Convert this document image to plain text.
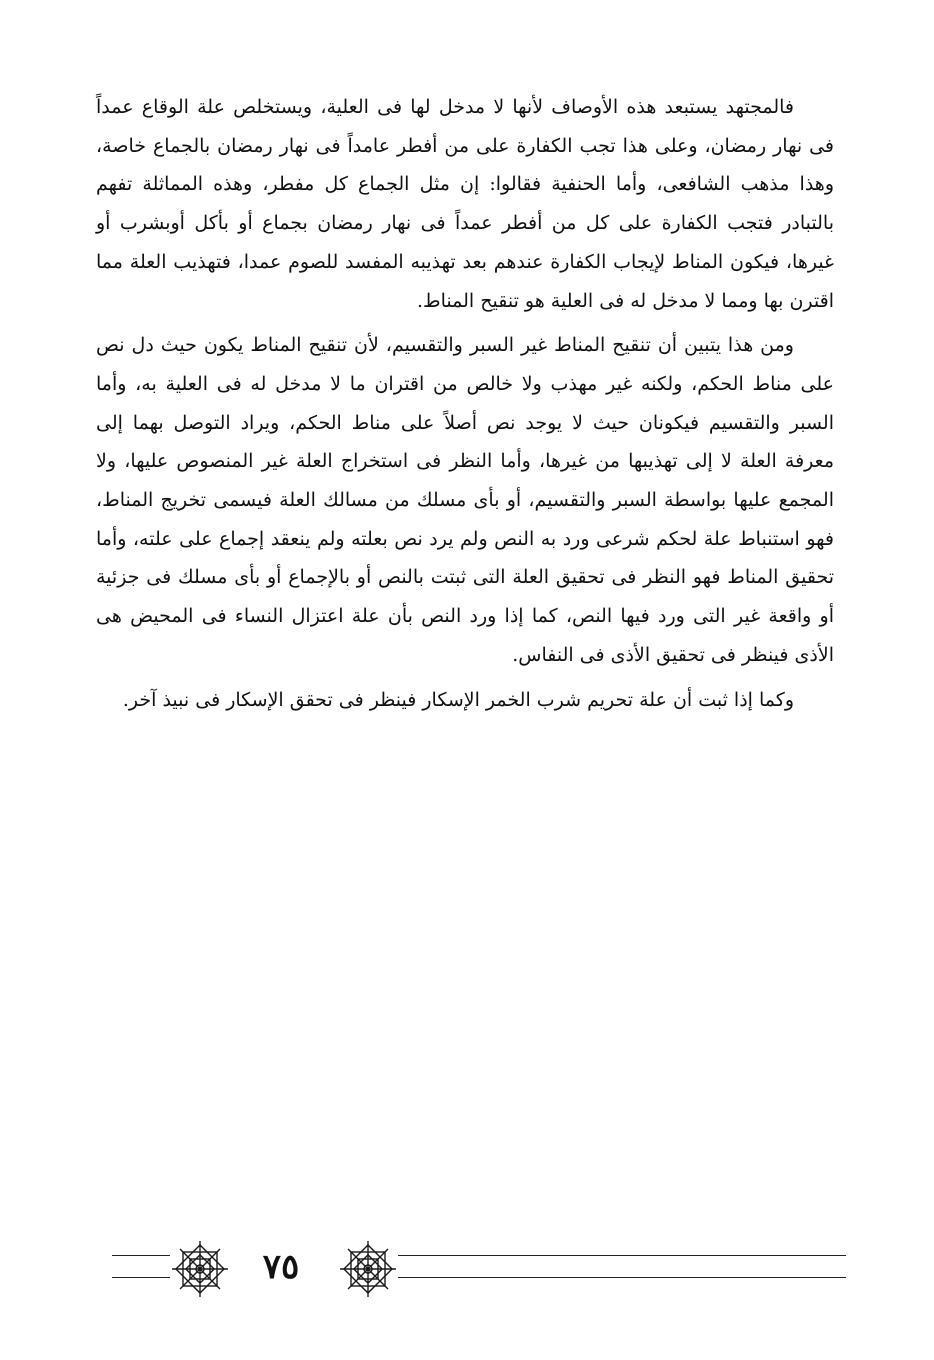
فالمجتهد يستبعد هذه الأوصاف لأنها لا مدخل لها فى العلية، ويستخلص علة الوقاع عمداً فى نهار رمضان، وعلى هذا تجب الكفارة على من أفطر عامداً فى نهار رمضان بالجماع خاصة، وهذا مذهب الشافعى، وأما الحنفية فقالوا: إن مثل الجماع كل مفطر، وهذه المماثلة تفهم بالتبادر فتجب الكفارة على كل من أفطر عمداً فى نهار رمضان بجماع أو بأكل أوبشرب أو غيرها، فيكون المناط لإيجاب الكفارة عندهم بعد تهذيبه المفسد للصوم عمدا، فتهذيب العلة مما اقترن بها ومما لا مدخل له فى العلية هو تنقيح المناط.

ومن هذا يتبين أن تنقيح المناط غير السبر والتقسيم، لأن تنقيح المناط يكون حيث دل نص على مناط الحكم، ولكنه غير مهذب ولا خالص من اقتران ما لا مدخل له فى العلية به، وأما السبر والتقسيم فيكونان حيث لا يوجد نص أصلاً على مناط الحكم، ويراد التوصل بهما إلى معرفة العلة لا إلى تهذيبها من غيرها، وأما النظر فى استخراج العلة غير المنصوص عليها، ولا المجمع عليها بواسطة السبر والتقسيم، أو بأى مسلك من مسالك العلة فيسمى تخريج المناط، فهو استنباط علة لحكم شرعى ورد به النص ولم يرد نص بعلته ولم ينعقد إجماع على علته، وأما تحقيق المناط فهو النظر فى تحقيق العلة التى ثبتت بالنص أو بالإجماع أو بأى مسلك فى جزئية أو واقعة غير التى ورد فيها النص، كما إذا ورد النص بأن علة اعتزال النساء فى المحيض هى الأذى فينظر فى تحقيق الأذى فى النفاس.

وكما إذا ثبت أن علة تحريم شرب الخمر الإسكار فينظر فى تحقق الإسكار فى نبيذ آخر.

٧٥
